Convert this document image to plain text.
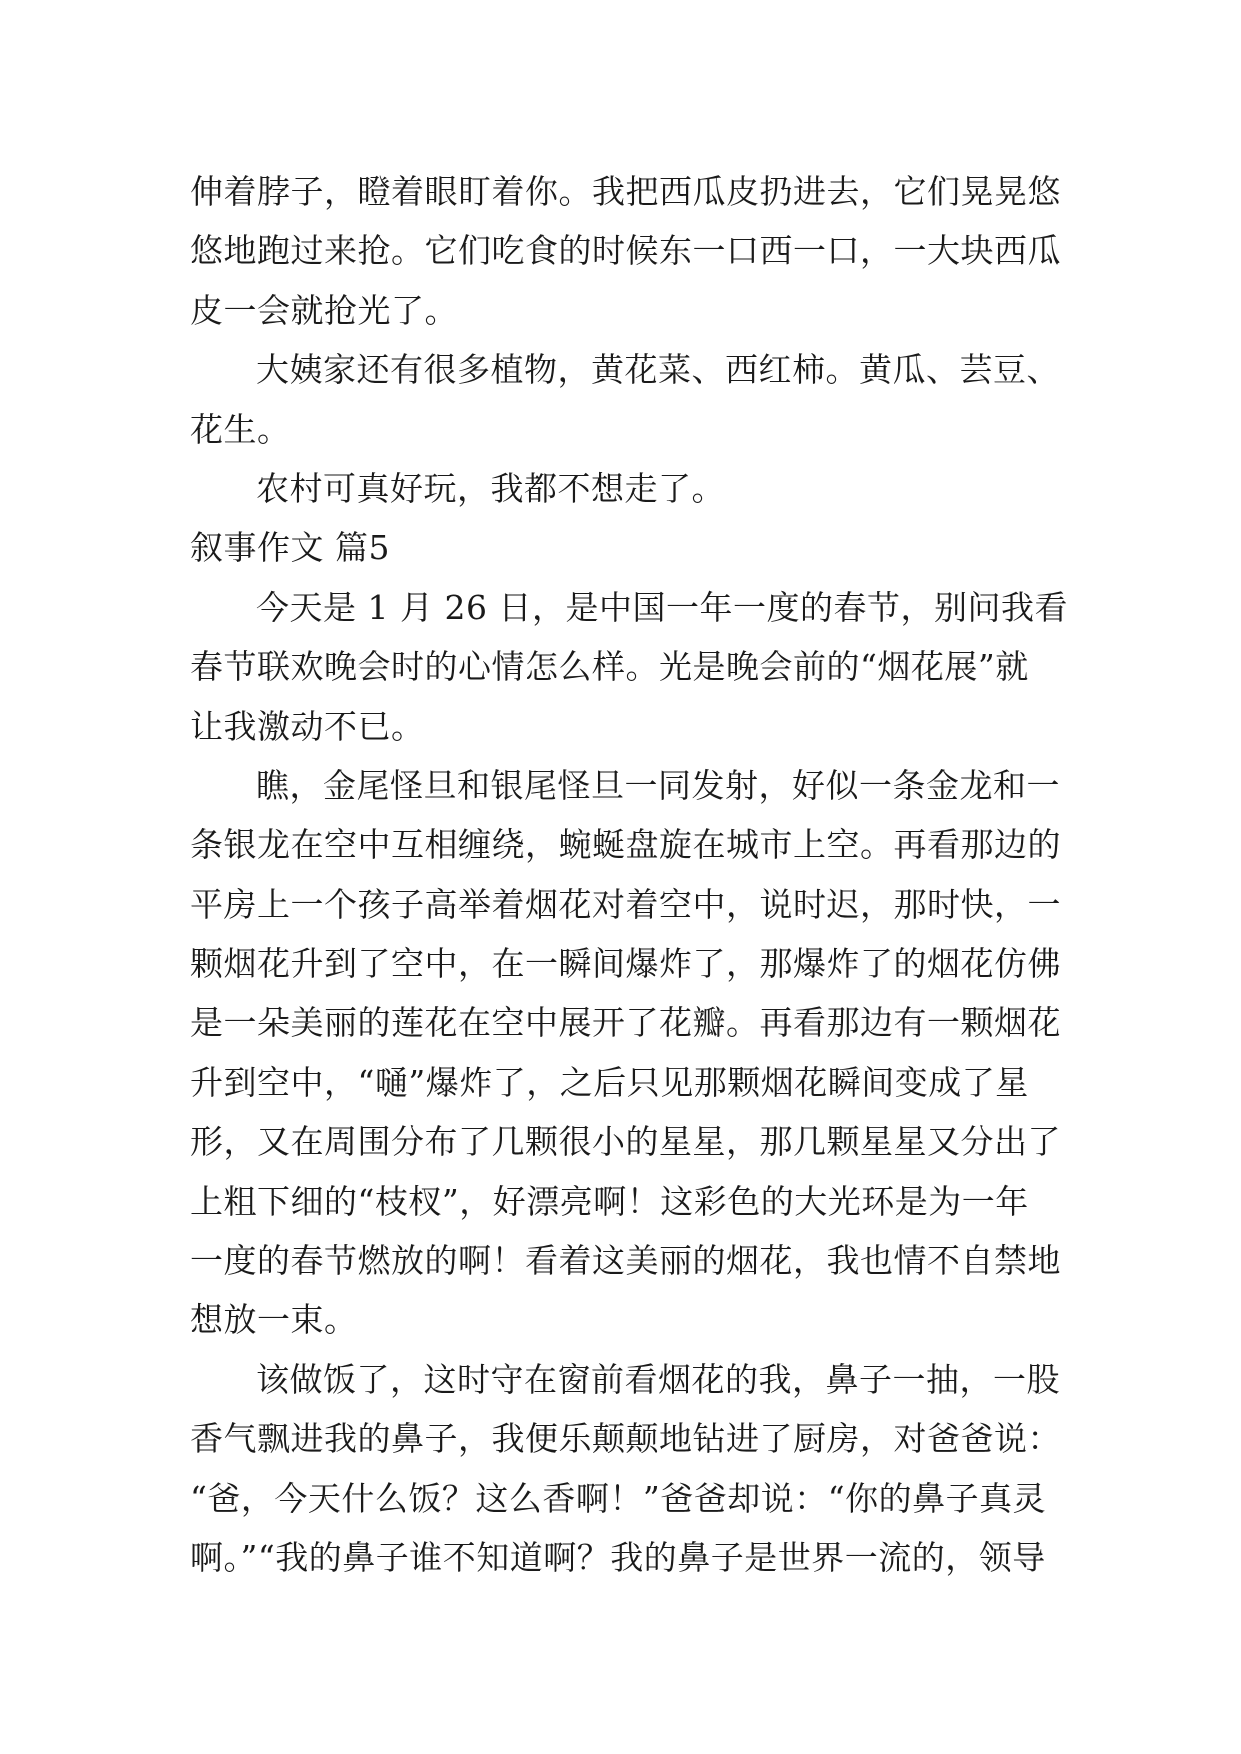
伸着脖子，瞪着眼盯着你。我把西瓜皮扔进去，它们晃晃悠
悠地跑过来抢。它们吃食的时候东一口西一口，一大块西瓜
皮一会就抢光了。
大姨家还有很多植物，黄花菜、西红柿。黄瓜、芸豆、
花生。
农村可真好玩，我都不想走了。
叙事作文 篇5
今天是 1 月 26 日，是中国一年一度的春节，别问我看
春节联欢晚会时的心情怎么样。光是晚会前的“烟花展”就
让我激动不已。
瞧，金尾怪旦和银尾怪旦一同发射，好似一条金龙和一
条银龙在空中互相缠绕，蜿蜒盘旋在城市上空。再看那边的
平房上一个孩子高举着烟花对着空中，说时迟，那时快，一
颗烟花升到了空中，在一瞬间爆炸了，那爆炸了的烟花仿佛
是一朵美丽的莲花在空中展开了花瓣。再看那边有一颗烟花
升到空中，“嗵”爆炸了，之后只见那颗烟花瞬间变成了星
形，又在周围分布了几颗很小的星星，那几颗星星又分出了
上粗下细的“枝杈”，好漂亮啊！这彩色的大光环是为一年
一度的春节燃放的啊！看着这美丽的烟花，我也情不自禁地
想放一束。
该做饭了，这时守在窗前看烟花的我，鼻子一抽，一股
香气飘进我的鼻子，我便乐颠颠地钻进了厨房，对爸爸说：
“爸，今天什么饭？这么香啊！”爸爸却说：“你的鼻子真灵
啊。”“我的鼻子谁不知道啊？我的鼻子是世界一流的，领导
